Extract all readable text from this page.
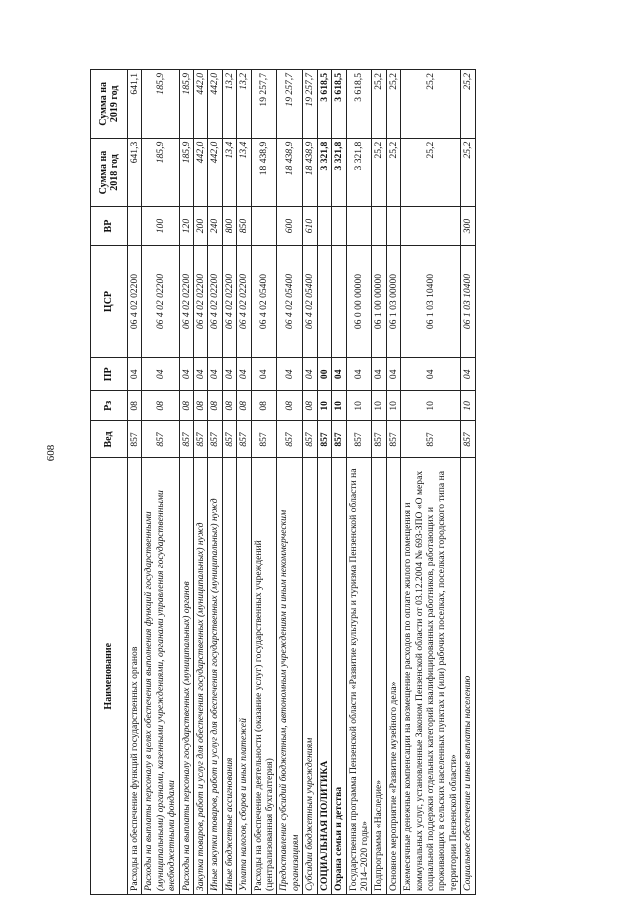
608
Наименование	Вед	Рз	ПР	ЦСР	ВР	Сумма на 2018 год	Сумма на 2019 год
Расходы на обеспечение функций государственных органов	857	08	04	06 4 02 02200		641,3	641,1
Расходы на выплаты персоналу в целях обеспечения выполнения функций государственными (муниципальными) органами, казенными учреждениями, органами управления государственными внебюджетными фондами	857	08	04	06 4 02 02200	100	185,9	185,9
Расходы на выплаты персоналу государственных (муниципальных) органов	857	08	04	06 4 02 02200	120	185,9	185,9
Закупка товаров, работ и услуг для обеспечения государственных (муниципальных) нужд	857	08	04	06 4 02 02200	200	442,0	442,0
Иные закупки товаров, работ и услуг для обеспечения государственных (муниципальных) нужд	857	08	04	06 4 02 02200	240	442,0	442,0
Иные бюджетные ассигнования	857	08	04	06 4 02 02200	800	13,4	13,2
Уплата налогов, сборов и иных платежей	857	08	04	06 4 02 02200	850	13,4	13,2
Расходы на обеспечение деятельности (оказание услуг) государственных учреждений (централизованная бухгалтерия)	857	08	04	06 4 02 05400		18 438,9	19 257,7
Предоставление субсидий бюджетным, автономным учреждениям и иным некоммерческим организациям	857	08	04	06 4 02 05400	600	18 438,9	19 257,7
Субсидии бюджетным учреждениям	857	08	04	06 4 02 05400	610	18 438,9	19 257,7
СОЦИАЛЬНАЯ ПОЛИТИКА	857	10	00			3 321,8	3 618,5
Охрана семьи и детства	857	10	04			3 321,8	3 618,5
Государственная программа Пензенской области «Развитие культуры и туризма Пензенской области на 2014–2020 годы»	857	10	04	06 0 00 00000		3 321,8	3 618,5
Подпрограмма «Наследие»	857	10	04	06 1 00 00000		25,2	25,2
Основное мероприятие «Развитие музейного дела»	857	10	04	06 1 03 00000		25,2	25,2
Ежемесячные денежные компенсации на возмещение расходов по оплате жилого помещения и коммунальных услуг, установленные Законом Пензенской области от 03.12.2004 № 693-ЗПО «О мерах социальной поддержки отдельных категорий квалифицированных работников, работающих и проживающих в сельских населенных пунктах и (или) рабочих поселках, поселках городского типа на территории Пензенской области»	857	10	04	06 1 03 10400		25,2	25,2
Социальное обеспечение и иные выплаты населению	857	10	04	06 1 03 10400	300	25,2	25,2
